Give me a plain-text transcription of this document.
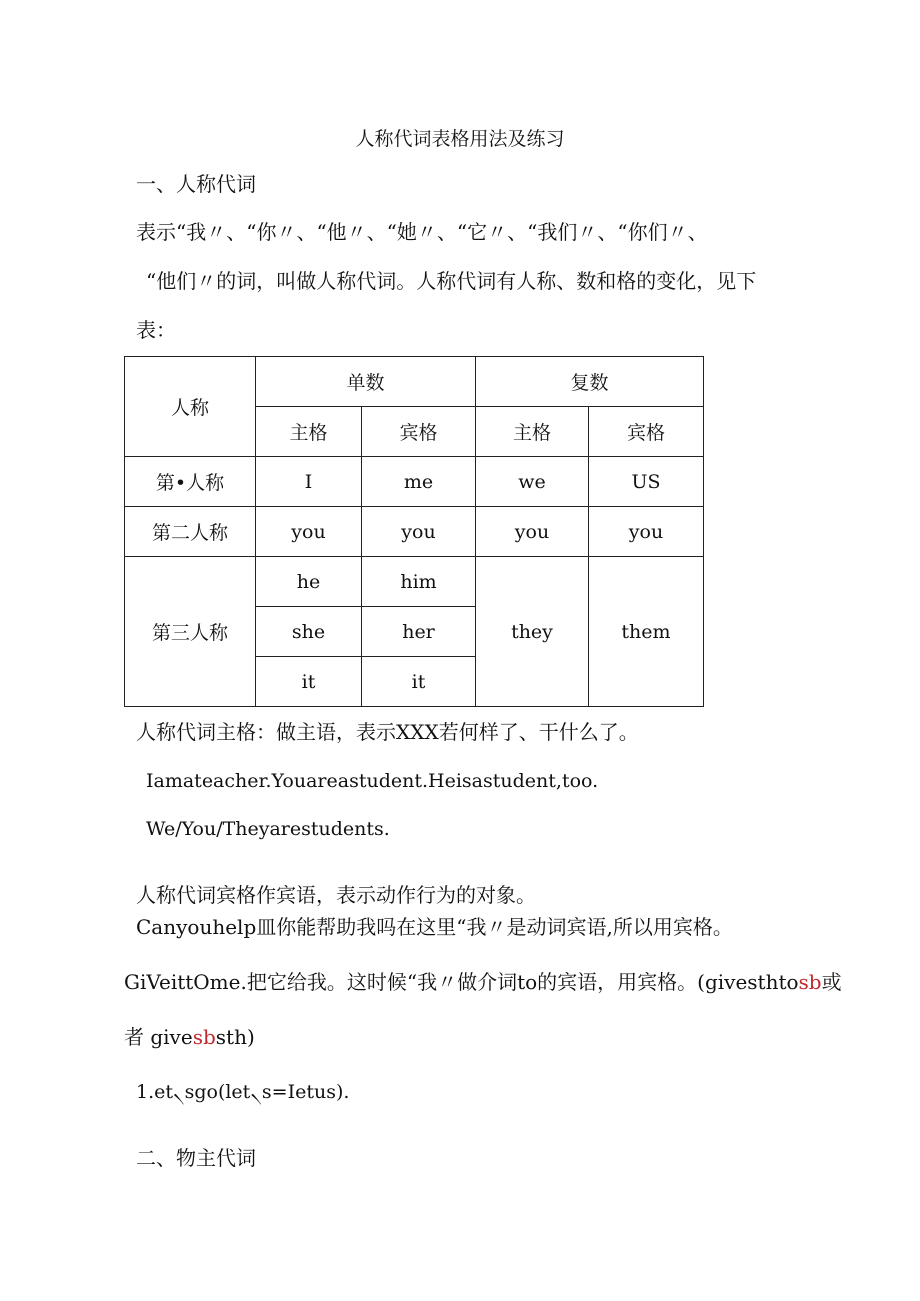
人称代词表格用法及练习
一、人称代词
表示“我〃、“你〃、“他〃、“她〃、“它〃、“我们〃、“你们〃、
“他们〃的词，叫做人称代词。人称代词有人称、数和格的变化，见下
表：
人称	单数		复数	
	主格	宾格	主格	宾格
第•人称	I	me	we	US
第二人称	you	you	you	you
第三人称	he	him	they	them
	she	her		
	it	it		
人称代词主格：做主语，表示XXX若何样了、干什么了。
Iamateacher.Youareastudent.Heisastudent,too.
We/You/Theyarestudents.
人称代词宾格作宾语，表示动作行为的对象。
Canyouhelp皿你能帮助我吗在这里“我〃是动词宾语,所以用宾格。
GiVeittOme.把它给我。这时候“我〃做介词to的宾语，用宾格。(givesthtosb或
者 givesbsth)
1.et৲sgo(let৲s=Ietus).
二、物主代词
